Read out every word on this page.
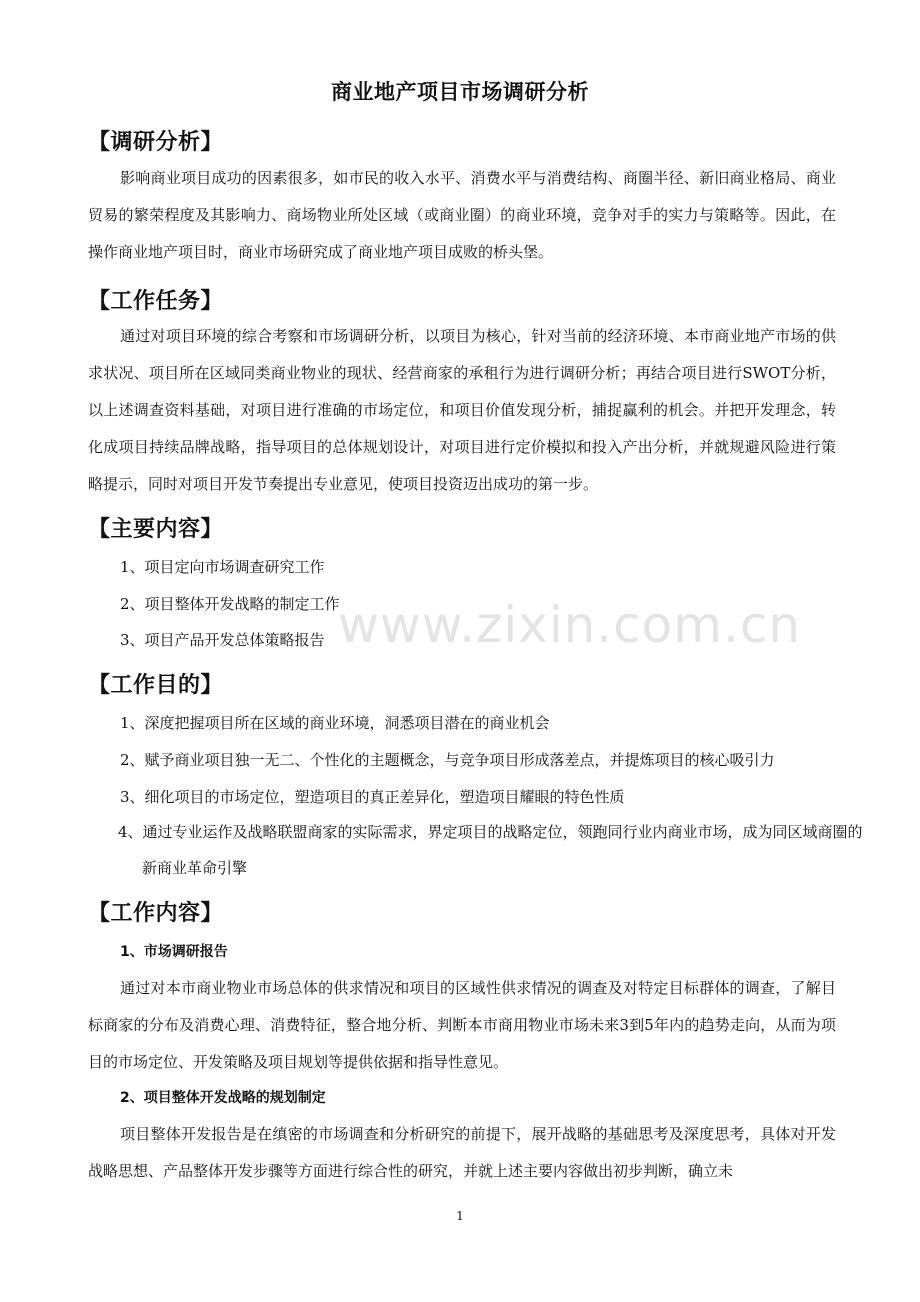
商业地产项目市场调研分析
【调研分析】
影响商业项目成功的因素很多，如市民的收入水平、消费水平与消费结构、商圈半径、新旧商业格局、商业贸易的繁荣程度及其影响力、商场物业所处区域（或商业圈）的商业环境，竞争对手的实力与策略等。因此，在操作商业地产项目时，商业市场研究成了商业地产项目成败的桥头堡。
【工作任务】
通过对项目环境的综合考察和市场调研分析，以项目为核心，针对当前的经济环境、本市商业地产市场的供求状况、项目所在区域同类商业物业的现状、经营商家的承租行为进行调研分析；再结合项目进行SWOT分析，以上述调查资料基础，对项目进行准确的市场定位，和项目价值发现分析，捕捉赢利的机会。并把开发理念，转化成项目持续品牌战略，指导项目的总体规划设计，对项目进行定价模拟和投入产出分析，并就规避风险进行策略提示，同时对项目开发节奏提出专业意见，使项目投资迈出成功的第一步。
【主要内容】
1、项目定向市场调查研究工作
2、项目整体开发战略的制定工作
3、项目产品开发总体策略报告 www.zixin.com.cn
【工作目的】
1、深度把握项目所在区域的商业环境，洞悉项目潜在的商业机会
2、赋予商业项目独一无二、个性化的主题概念，与竞争项目形成落差点，并提炼项目的核心吸引力
3、细化项目的市场定位，塑造项目的真正差异化，塑造项目耀眼的特色性质
4、通过专业运作及战略联盟商家的实际需求，界定项目的战略定位，领跑同行业内商业市场，成为同区域商圈的新商业革命引擎
【工作内容】
1、市场调研报告
通过对本市商业物业市场总体的供求情况和项目的区域性供求情况的调查及对特定目标群体的调查，了解目标商家的分布及消费心理、消费特征，整合地分析、判断本市商用物业市场未来3到5年内的趋势走向，从而为项目的市场定位、开发策略及项目规划等提供依据和指导性意见。
2、项目整体开发战略的规划制定
项目整体开发报告是在缜密的市场调查和分析研究的前提下，展开战略的基础思考及深度思考，具体对开发战略思想、产品整体开发步骤等方面进行综合性的研究，并就上述主要内容做出初步判断，确立未
1
